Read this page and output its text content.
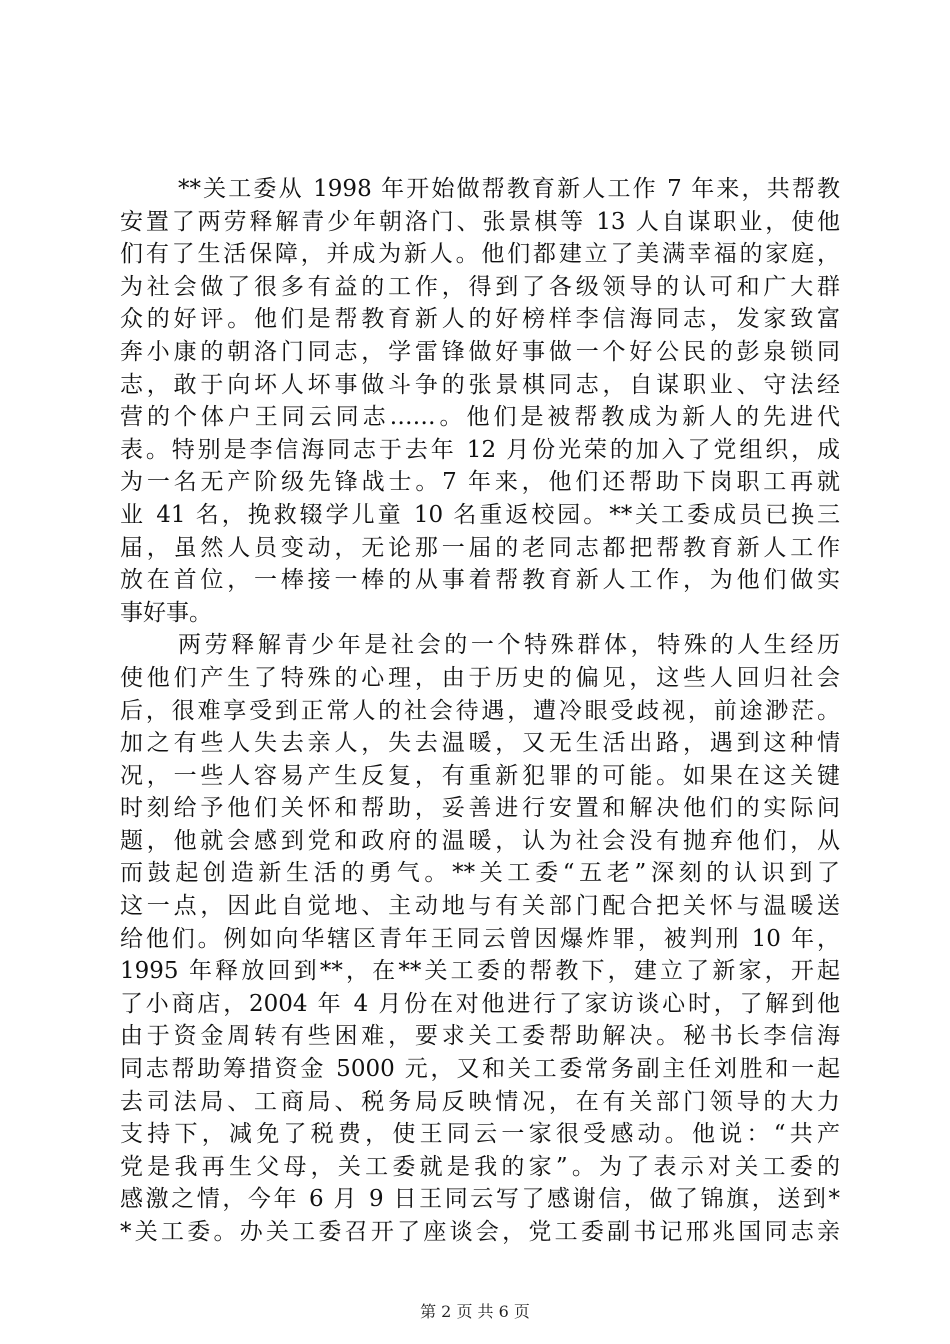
**关工委从 1998 年开始做帮教育新人工作 7 年来，共帮教
安置了两劳释解青少年朝洛门、张景棋等 13 人自谋职业，使他
们有了生活保障，并成为新人。他们都建立了美满幸福的家庭，
为社会做了很多有益的工作，得到了各级领导的认可和广大群
众的好评。他们是帮教育新人的好榜样李信海同志，发家致富
奔小康的朝洛门同志，学雷锋做好事做一个好公民的彭泉锁同
志，敢于向坏人坏事做斗争的张景棋同志，自谋职业、守法经
营的个体户王同云同志……。他们是被帮教成为新人的先进代
表。特别是李信海同志于去年 12 月份光荣的加入了党组织，成
为一名无产阶级先锋战士。7 年来，他们还帮助下岗职工再就
业 41 名，挽救辍学儿童 10 名重返校园。**关工委成员已换三
届，虽然人员变动，无论那一届的老同志都把帮教育新人工作
放在首位，一棒接一棒的从事着帮教育新人工作，为他们做实
事好事。
两劳释解青少年是社会的一个特殊群体，特殊的人生经历
使他们产生了特殊的心理，由于历史的偏见，这些人回归社会
后，很难享受到正常人的社会待遇，遭冷眼受歧视，前途渺茫。
加之有些人失去亲人，失去温暖，又无生活出路，遇到这种情
况，一些人容易产生反复，有重新犯罪的可能。如果在这关键
时刻给予他们关怀和帮助，妥善进行安置和解决他们的实际问
题，他就会感到党和政府的温暖，认为社会没有抛弃他们，从
而鼓起创造新生活的勇气。**关工委“五老”深刻的认识到了
这一点，因此自觉地、主动地与有关部门配合把关怀与温暖送
给他们。例如向华辖区青年王同云曾因爆炸罪，被判刑 10 年，
1995 年释放回到**，在**关工委的帮教下，建立了新家，开起
了小商店，2004 年 4 月份在对他进行了家访谈心时，了解到他
由于资金周转有些困难，要求关工委帮助解决。秘书长李信海
同志帮助筹措资金 5000 元，又和关工委常务副主任刘胜和一起
去司法局、工商局、税务局反映情况，在有关部门领导的大力
支持下，减免了税费，使王同云一家很受感动。他说：“共产
党是我再生父母，关工委就是我的家”。为了表示对关工委的
感激之情，今年 6 月 9 日王同云写了感谢信，做了锦旗，送到*
*关工委。办关工委召开了座谈会，党工委副书记邢兆国同志亲
第 2 页 共 6 页
